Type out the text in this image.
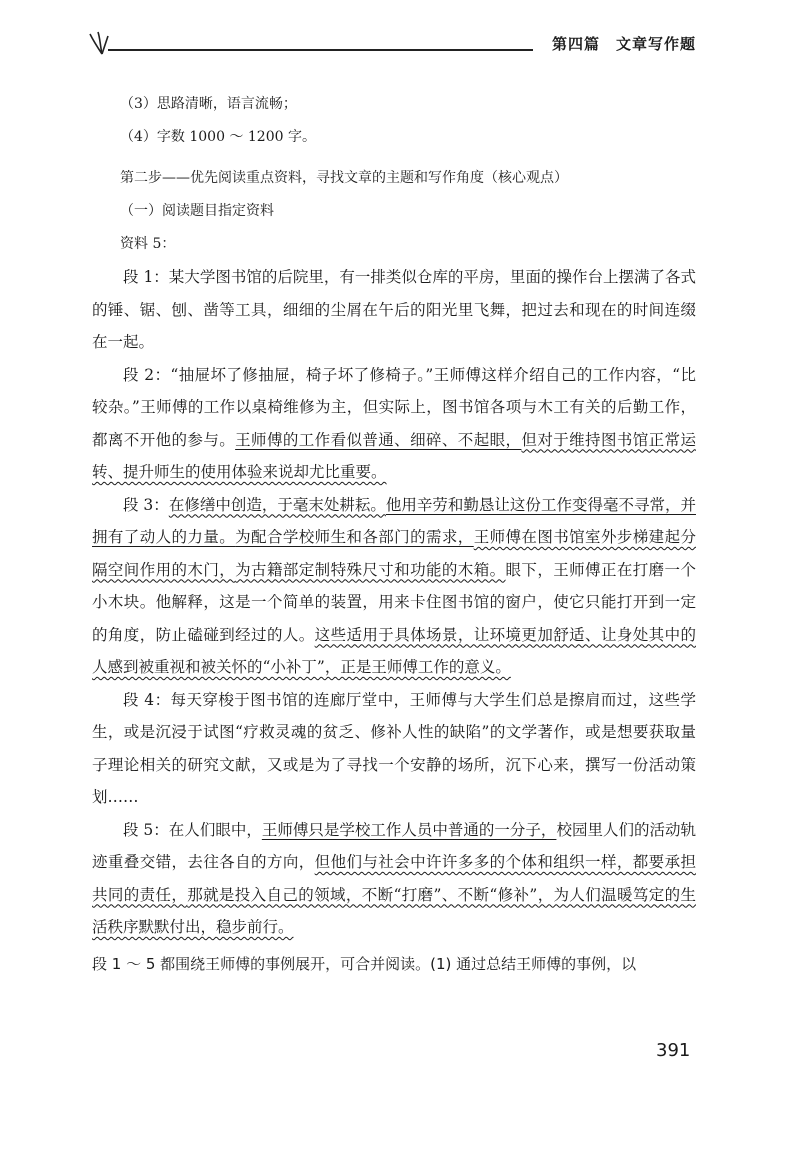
第四篇 文章写作题
（3）思路清晰，语言流畅；
（4）字数 1000 ～ 1200 字。
第二步——优先阅读重点资料，寻找文章的主题和写作角度（核心观点）
（一）阅读题目指定资料
资料 5：
段 1：某大学图书馆的后院里，有一排类似仓库的平房，里面的操作台上摆满了各式的锤、锯、刨、凿等工具，细细的尘屑在午后的阳光里飞舞，把过去和现在的时间连缀在一起。
段 2：“抽屉坏了修抽屉，椅子坏了修椅子。”王师傅这样介绍自己的工作内容，“比较杂。”王师傅的工作以桌椅维修为主，但实际上，图书馆各项与木工有关的后勤工作，都离不开他的参与。王师傅的工作看似普通、细碎、不起眼，但对于维持图书馆正常运转、提升师生的使用体验来说却尤比重要。
段 3：在修缮中创造，于毫末处耕耘。他用辛劳和勤恳让这份工作变得毫不寻常，并拥有了动人的力量。为配合学校师生和各部门的需求，王师傅在图书馆室外步梯建起分隔空间作用的木门，为古籍部定制特殊尺寸和功能的木箱。眼下，王师傅正在打磨一个小木块。他解释，这是一个简单的装置，用来卡住图书馆的窗户，使它只能打开到一定的角度，防止磕碰到经过的人。这些适用于具体场景，让环境更加舒适、让身处其中的人感到被重视和被关怀的“小补丁”，正是王师傅工作的意义。
段 4：每天穿梭于图书馆的连廊厅堂中，王师傅与大学生们总是擦肩而过，这些学生，或是沉浸于试图“疗救灵魂的贫乏、修补人性的缺陷”的文学著作，或是想要获取量子理论相关的研究文献，又或是为了寻找一个安静的场所，沉下心来，撰写一份活动策划……
段 5：在人们眼中，王师傅只是学校工作人员中普通的一分子，校园里人们的活动轨迹重叠交错，去往各自的方向，但他们与社会中许许多多的个体和组织一样，都要承担共同的责任，那就是投入自己的领域，不断“打磨”、不断“修补”，为人们温暖笃定的生活秩序默默付出，稳步前行。
段 1 ～ 5 都围绕王师傅的事例展开，可合并阅读。(1) 通过总结王师傅的事例，以
391
